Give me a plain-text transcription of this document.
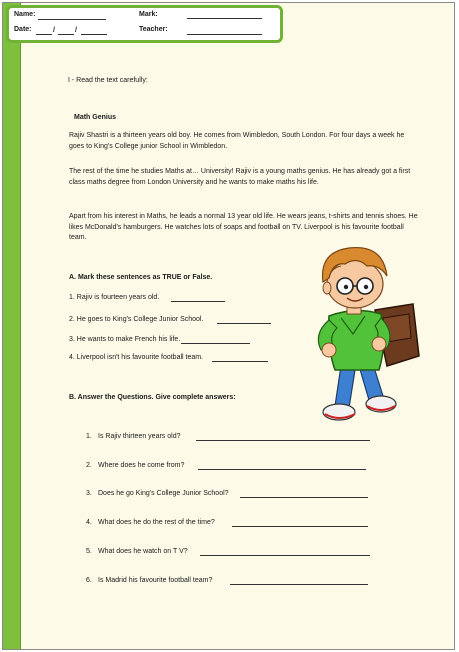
Name:
Date:	/	/
Mark:
Teacher:
I - Read the text carefully:
Math Genius
Rajiv Shastri is a thirteen years old boy. He comes from Wimbledon, South London. For four days a week he goes to King's College junior School in Wimbledon.
The rest of the time he studies Maths at… University! Rajiv is a young maths genius. He has already got a first class maths degree from London University and he wants to make maths his life.
Apart from his interest in Maths, he leads a normal 13 year old life. He wears jeans, t-shirts and tennis shoes. He likes McDonald's hamburgers. He watches lots of soaps and football on TV. Liverpool is his favourite football team.
A. Mark these sentences as TRUE or False.
1. Rajiv is fourteen years old.
2. He goes to King's College Junior School.
3. He wants to make French his life.
4. Liverpool isn't his favourite football team.
B. Answer the Questions. Give complete answers:
1. Is Rajiv thirteen years old?
2. Where does he come from?
3. Does he go King's College Junior School?
4. What does he do the rest of the time?
5. What does he watch on T V?
6. Is Madrid his favourite football team?
